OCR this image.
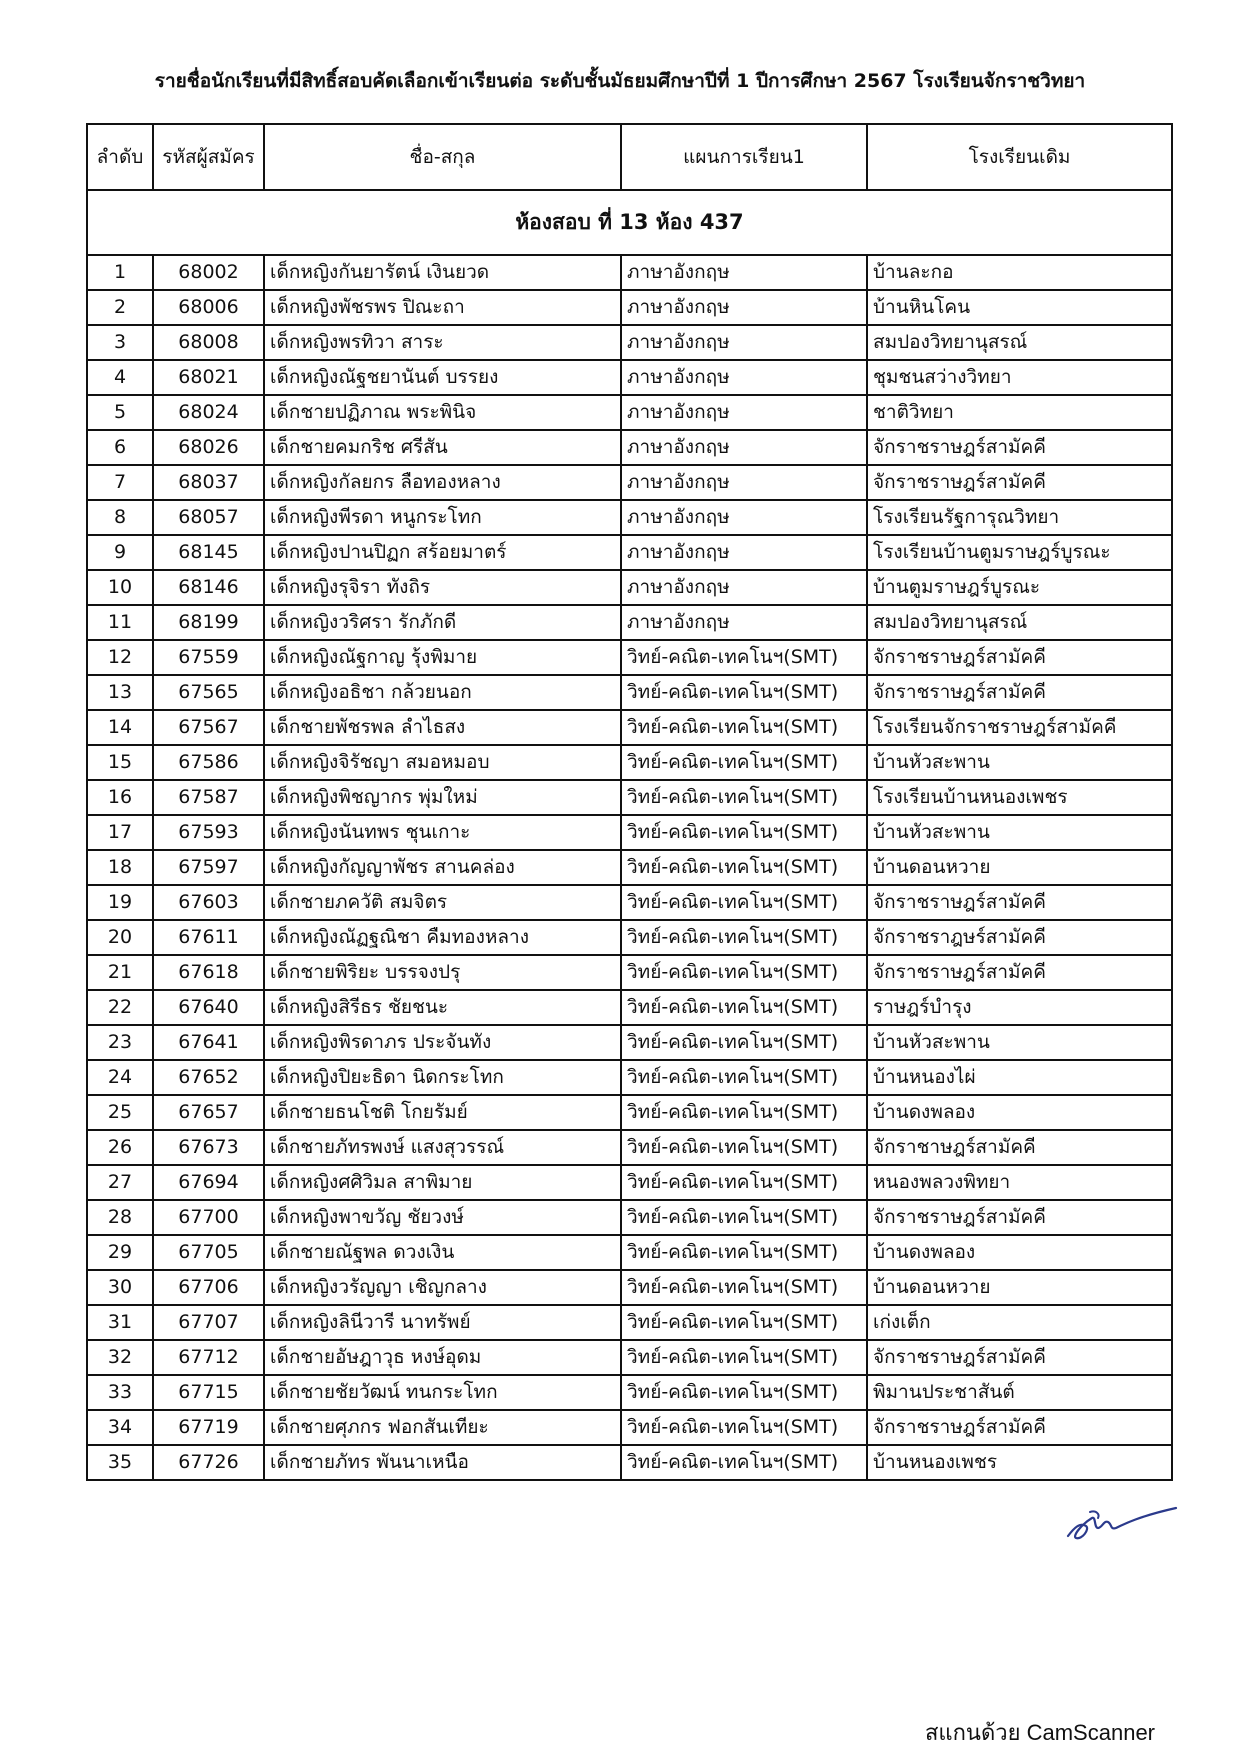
รายชื่อนักเรียนที่มีสิทธิ์สอบคัดเลือกเข้าเรียนต่อ ระดับชั้นมัธยมศึกษาปีที่ 1 ปีการศึกษา 2567 โรงเรียนจักราชวิทยา
ลำดับ	รหัสผู้สมัคร	ชื่อ-สกุล	แผนการเรียน1	โรงเรียนเดิม
ห้องสอบ ที่ 13 ห้อง 437				
1	68002	เด็กหญิงกันยารัตน์ เงินยวด	ภาษาอังกฤษ	บ้านละกอ
2	68006	เด็กหญิงพัชรพร ปิณะถา	ภาษาอังกฤษ	บ้านหินโคน
3	68008	เด็กหญิงพรทิวา สาระ	ภาษาอังกฤษ	สมปองวิทยานุสรณ์
4	68021	เด็กหญิงณัฐชยานันต์ บรรยง	ภาษาอังกฤษ	ชุมชนสว่างวิทยา
5	68024	เด็กชายปฏิภาณ พระพินิจ	ภาษาอังกฤษ	ชาติวิทยา
6	68026	เด็กชายคมกริช ศรีสัน	ภาษาอังกฤษ	จักราชราษฎร์สามัคคี
7	68037	เด็กหญิงกัลยกร ลือทองหลาง	ภาษาอังกฤษ	จักราชราษฎร์สามัคคี
8	68057	เด็กหญิงพีรดา หนูกระโทก	ภาษาอังกฤษ	โรงเรียนรัฐการุณวิทยา
9	68145	เด็กหญิงปานปิฏก สร้อยมาตร์	ภาษาอังกฤษ	โรงเรียนบ้านตูมราษฎร์บูรณะ
10	68146	เด็กหญิงรุจิรา ทังถิร	ภาษาอังกฤษ	บ้านตูมราษฎร์บูรณะ
11	68199	เด็กหญิงวริศรา รักภักดี	ภาษาอังกฤษ	สมปองวิทยานุสรณ์
12	67559	เด็กหญิงณัฐกาญ รุ้งพิมาย	วิทย์-คณิต-เทคโนฯ(SMT)	จักราชราษฎร์สามัคคี
13	67565	เด็กหญิงอธิชา กล้วยนอก	วิทย์-คณิต-เทคโนฯ(SMT)	จักราชราษฎร์สามัคคี
14	67567	เด็กชายพัชรพล ลำไธสง	วิทย์-คณิต-เทคโนฯ(SMT)	โรงเรียนจักราชราษฎร์สามัคคี
15	67586	เด็กหญิงจิรัชญา สมอหมอบ	วิทย์-คณิต-เทคโนฯ(SMT)	บ้านหัวสะพาน
16	67587	เด็กหญิงพิชญากร พุ่มใหม่	วิทย์-คณิต-เทคโนฯ(SMT)	โรงเรียนบ้านหนองเพชร
17	67593	เด็กหญิงนันทพร ชุนเกาะ	วิทย์-คณิต-เทคโนฯ(SMT)	บ้านหัวสะพาน
18	67597	เด็กหญิงกัญญาพัชร สานคล่อง	วิทย์-คณิต-เทคโนฯ(SMT)	บ้านดอนหวาย
19	67603	เด็กชายภควัติ สมจิตร	วิทย์-คณิต-เทคโนฯ(SMT)	จักราชราษฎร์สามัคคี
20	67611	เด็กหญิงณัฏฐณิชา คืมทองหลาง	วิทย์-คณิต-เทคโนฯ(SMT)	จักราชราฎษร์สามัคคี
21	67618	เด็กชายพิริยะ บรรจงปรุ	วิทย์-คณิต-เทคโนฯ(SMT)	จักราชราษฎร์สามัคคี
22	67640	เด็กหญิงสิรีธร ชัยชนะ	วิทย์-คณิต-เทคโนฯ(SMT)	ราษฎร์บำรุง
23	67641	เด็กหญิงพิรดาภร ประจันทัง	วิทย์-คณิต-เทคโนฯ(SMT)	บ้านหัวสะพาน
24	67652	เด็กหญิงปิยะธิดา นิดกระโทก	วิทย์-คณิต-เทคโนฯ(SMT)	บ้านหนองไผ่
25	67657	เด็กชายธนโชติ โกยรัมย์	วิทย์-คณิต-เทคโนฯ(SMT)	บ้านดงพลอง
26	67673	เด็กชายภัทรพงษ์ แสงสุวรรณ์	วิทย์-คณิต-เทคโนฯ(SMT)	จักราชาษฎร์สามัคคี
27	67694	เด็กหญิงศศิวิมล สาพิมาย	วิทย์-คณิต-เทคโนฯ(SMT)	หนองพลวงพิทยา
28	67700	เด็กหญิงพาขวัญ ชัยวงษ์	วิทย์-คณิต-เทคโนฯ(SMT)	จักราชราษฎร์สามัคคี
29	67705	เด็กชายณัฐพล ดวงเงิน	วิทย์-คณิต-เทคโนฯ(SMT)	บ้านดงพลอง
30	67706	เด็กหญิงวรัญญา เชิญกลาง	วิทย์-คณิต-เทคโนฯ(SMT)	บ้านดอนหวาย
31	67707	เด็กหญิงลินีวารี นาทรัพย์	วิทย์-คณิต-เทคโนฯ(SMT)	เก่งเต็ก
32	67712	เด็กชายอัษฎาวุธ หงษ์อุดม	วิทย์-คณิต-เทคโนฯ(SMT)	จักราชราษฎร์สามัคคี
33	67715	เด็กชายชัยวัฒน์ ทนกระโทก	วิทย์-คณิต-เทคโนฯ(SMT)	พิมานประชาสันต์
34	67719	เด็กชายศุภกร ฟอกสันเทียะ	วิทย์-คณิต-เทคโนฯ(SMT)	จักราชราษฎร์สามัคคี
35	67726	เด็กชายภัทร พันนาเหนือ	วิทย์-คณิต-เทคโนฯ(SMT)	บ้านหนองเพชร
สแกนด้วย CamScanner
